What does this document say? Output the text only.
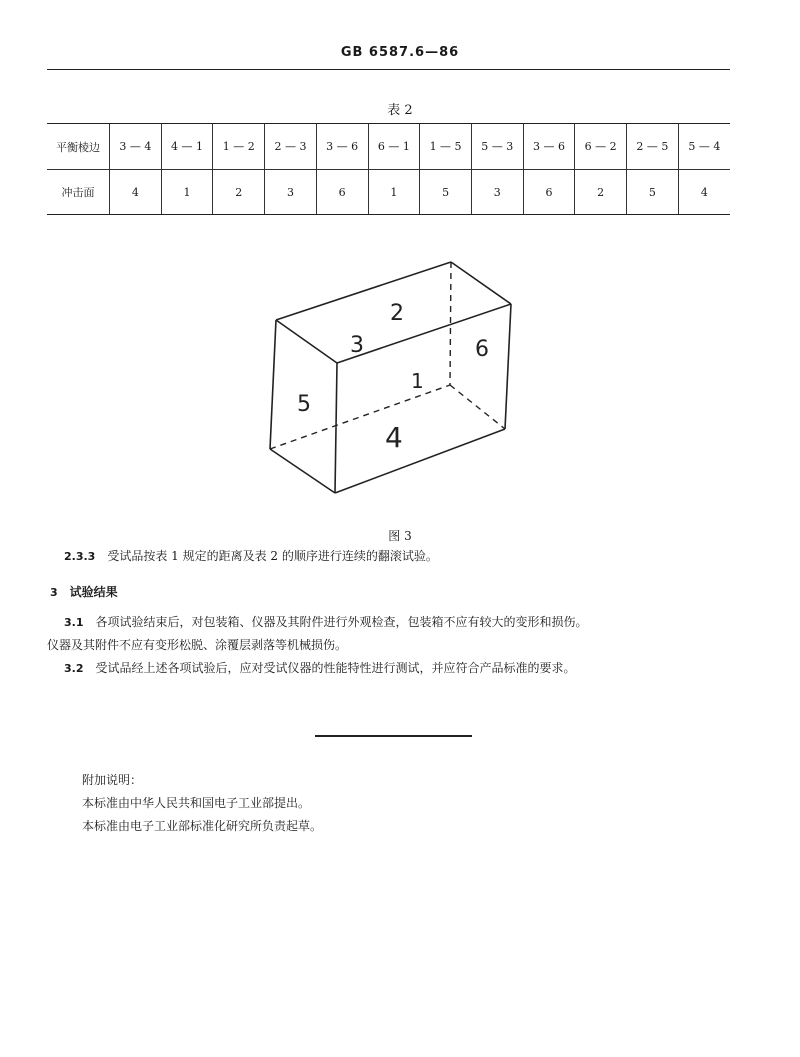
GB 6587.6—86
表 2
平衡棱边	3 — 4	4 — 1	1 — 2	2 — 3	3 — 6	6 — 1	1 — 5	5 — 3	3 — 6	6 — 2	2 — 5	5 — 4
冲击面	4	1	2	3	6	1	5	3	6	2	5	4
2
3	6
1
5
4
图 3
2.3.3 受试品按表 1 规定的距离及表 2 的顺序进行连续的翻滚试验。
3 试验结果
3.1 各项试验结束后，对包装箱、仪器及其附件进行外观检查，包装箱不应有较大的变形和损伤。
仪器及其附件不应有变形松脱、涂覆层剥落等机械损伤。
3.2 受试品经上述各项试验后，应对受试仪器的性能特性进行测试，并应符合产品标准的要求。
附加说明：
本标准由中华人民共和国电子工业部提出。
本标准由电子工业部标准化研究所负责起草。
